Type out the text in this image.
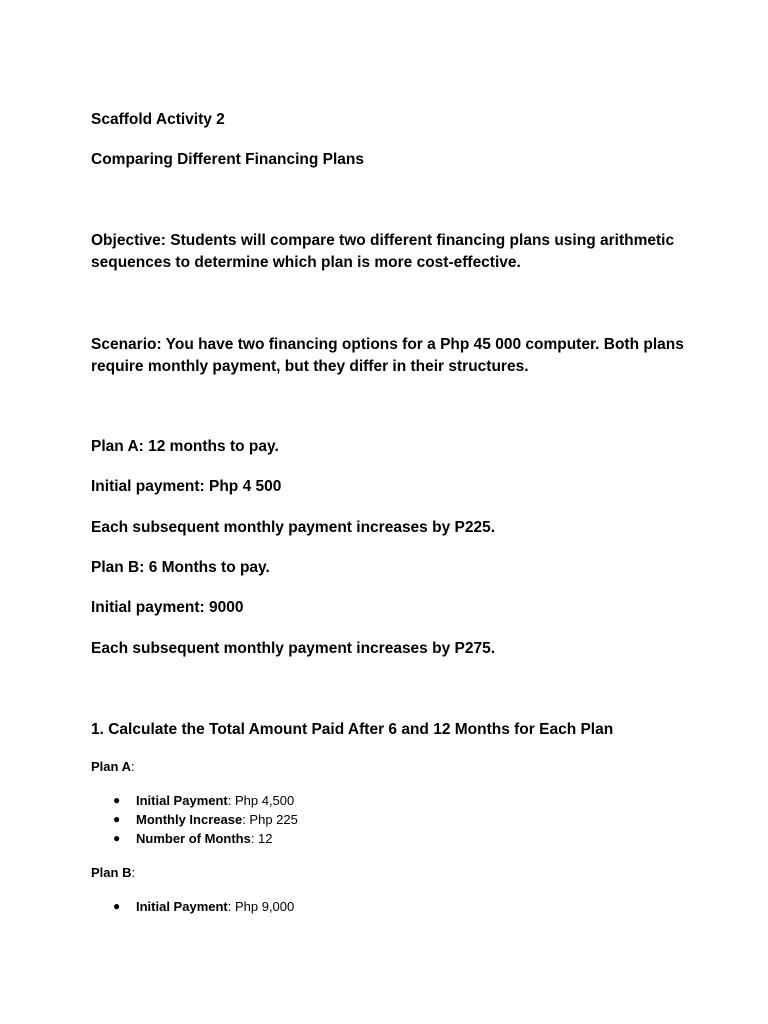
Scaffold Activity 2

Comparing Different Financing Plans

Objective: Students will compare two different financing plans using arithmetic sequences to determine which plan is more cost-effective.

Scenario: You have two financing options for a Php 45 000 computer. Both plans require monthly payment, but they differ in their structures.

Plan A: 12 months to pay.

Initial payment: Php 4 500

Each subsequent monthly payment increases by P225.

Plan B: 6 Months to pay.

Initial payment: 9000

Each subsequent monthly payment increases by P275.

1. Calculate the Total Amount Paid After 6 and 12 Months for Each Plan

Plan A:

● Initial Payment: Php 4,500
● Monthly Increase: Php 225
● Number of Months: 12

Plan B:

● Initial Payment: Php 9,000
